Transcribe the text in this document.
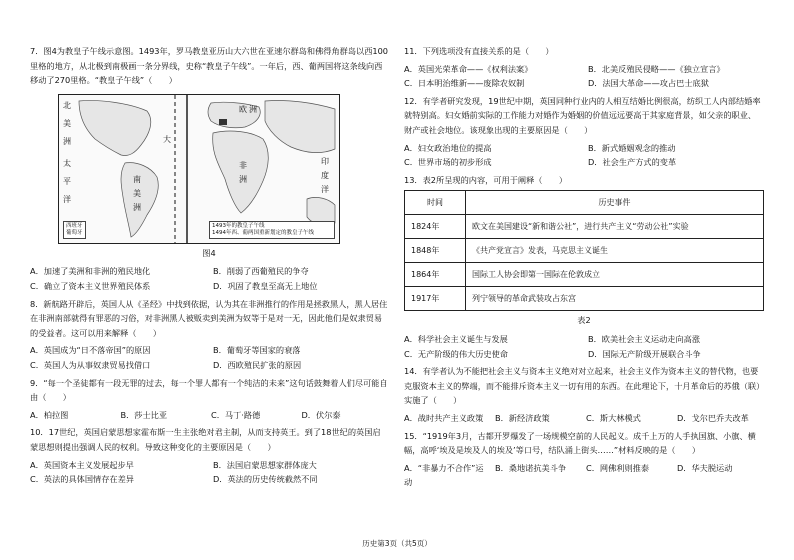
7．图4为教皇子午线示意图。1493年，罗马教皇亚历山大六世在亚速尔群岛和佛得角群岛以西100里格的地方，从北极到南极画一条分界线，史称“教皇子午线”。一年后，西、葡两国将这条线向西移动了270里格。“教皇子午线”（　　）

北
美
洲
太
平
洋
南
美
洲
大
欧 洲
非
洲
印
度
洋
西班牙
葡萄牙
1493年的教皇子午线
1494年西、葡两国重新划定的教皇子午线

图4

A．加速了美洲和非洲的殖民地化	B．削弱了西葡殖民的争夺
C．确立了资本主义世界殖民体系	D．巩固了教皇至高无上地位

8．新航路开辟后，英国人从《圣经》中找到依据，认为其在非洲推行的作用是拯救黑人，黑人居住在非洲南部就得有罪恶的习俗，对非洲黑人被贩卖到美洲为奴等于是对一无，因此他们是奴隶贸易的受益者。这可以用来解释（　　）

A．英国成为“日不落帝国”的原因	B．葡萄牙等国家的衰落
C．英国人为从事奴隶贸易找借口	D．西欧殖民扩张的原因

9．“每一个圣徒都有一段无罪的过去，每一个罪人都有一个纯洁的未来”这句话鼓舞着人们尽可能自由（　　）

A．柏拉图	B．莎士比亚	C．马丁·路德	D．伏尔泰

10．17世纪，英国启蒙思想家霍布斯一生主张绝对君主制，从而支持英王。到了18世纪的英国启蒙思想则提出强调人民的权利。导致这种变化的主要原因是（　　）

A．英国资本主义发展起步早	B．法国启蒙思想家群体庞大
C．英法的具体国情存在差异	D．英法的历史传统截然不同

11．下列选项没有直接关系的是（　　）

A．英国光荣革命——《权利法案》	B．北美反殖民侵略——《独立宣言》
C．日本明治维新——废除农奴制	D．法国大革命——攻占巴士底狱

12．有学者研究发现，19世纪中期，英国同种行业内的人相互结婚比例很高，纺织工人内部结婚率就特别高。妇女婚前实际的工作能力对婚作为婚姻的价值远远要高于其家庭背景，如父亲的职业、财产或社会地位。该现象出现的主要原因是（　　）

A．妇女政治地位的提高	B．新式婚姻观念的推动
C．世界市场的初步形成	D．社会生产方式的变革

13．表2所呈现的内容，可用于阐释（　　）

时间	历史事件
1824年	欧文在美国建设“新和谐公社”，进行共产主义“劳动公社”实验
1848年	《共产党宣言》发表，马克思主义诞生
1864年	国际工人协会即第一国际在伦敦成立
1917年	列宁领导的革命武装攻占东宫

表2

A．科学社会主义诞生与发展	B．欧美社会主义运动走向高涨
C．无产阶级的伟大历史使命	D．国际无产阶级开展联合斗争

14．有学者认为不能把社会主义与资本主义绝对对立起来，社会主义作为资本主义的替代物，也要克服资本主义的弊端，而不能排斥资本主义一切有用的东西。在此理论下，十月革命后的苏俄（联）实施了（　　）

A．战时共产主义政策	B．新经济政策	C．斯大林模式	D．戈尔巴乔夫改革

15．“1919年3月，古都开罗爆发了一场规模空前的人民起义。成千上万的人手执国旗、小旗、横幅，高呼‘埃及是埃及人的埃及’等口号，结队涌上街头……”材料反映的是（　　）

A．“非暴力不合作”运动
B．桑地诺抗美斗争	C．网佛利则推泰	D．华夫脱运动
历史第3页（共5页）
